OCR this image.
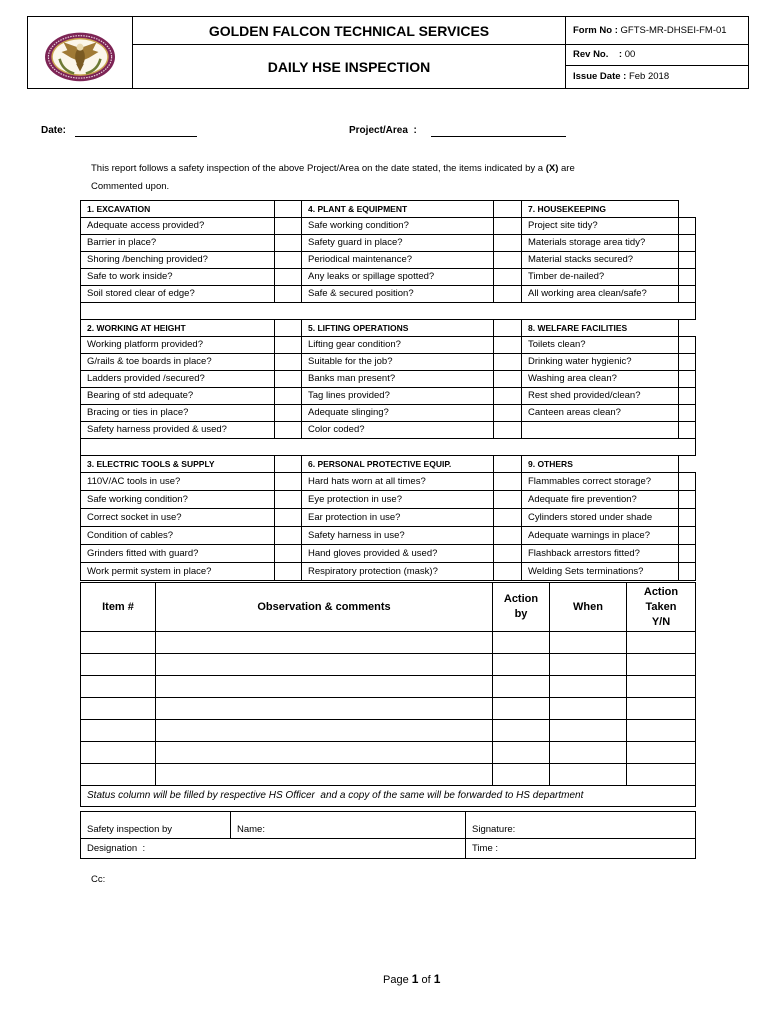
	GOLDEN FALCON TECHNICAL SERVICES	Form No : GFTS-MR-DHSEI-FM-01
	DAILY HSE INSPECTION	Rev No.    : 00
		Issue Date : Feb 2018
Date:	Project/Area  :
This report follows a safety inspection of the above Project/Area on the date stated, the items indicated by a (X) are
Commented upon.
1. EXCAVATION		4. PLANT & EQUIPMENT		7. HOUSEKEEPING	
Adequate access provided?		Safe working condition?		Project site tidy?	
Barrier in place?		Safety guard in place?		Materials storage area tidy?	
Shoring /benching provided?		Periodical maintenance?		Material stacks secured?	
Safe to work inside?		Any leaks or spillage spotted?		Timber de-nailed?	
Soil stored clear of edge?		Safe & secured position?		All working area clean/safe?	

2. WORKING AT HEIGHT		5. LIFTING OPERATIONS		8. WELFARE FACILITIES	
Working platform provided?		Lifting gear condition?		Toilets clean?	
G/rails & toe boards in place?		Suitable for the job?		Drinking water hygienic?	
Ladders provided /secured?		Banks man present?		Washing area clean?	
Bearing of std adequate?		Tag lines provided?		Rest shed provided/clean?	
Bracing or ties in place?		Adequate slinging?		Canteen areas clean?	
Safety harness provided & used?		Color coded?			

3. ELECTRIC TOOLS & SUPPLY		6. PERSONAL PROTECTIVE EQUIP.		9. OTHERS	
110V/AC tools in use?		Hard hats worn at all times?		Flammables correct storage?	
Safe working condition?		Eye protection in use?		Adequate fire prevention?	
Correct socket in use?		Ear protection in use?		Cylinders stored under shade	
Condition of cables?		Safety harness in use?		Adequate warnings in place?	
Grinders fitted with guard?		Hand gloves provided & used?		Flashback arrestors fitted?	
Work permit system in place?		Respiratory protection (mask)?		Welding Sets terminations?	
Item #	Observation & comments	Action by	When	Action Taken Y/N

Status column will be filled by respective HS Officer  and a copy of the same will be forwarded to HS department				
Safety inspection by	Name:	Signature:
Designation  :		Time :
Cc:
Page 1 of 1
